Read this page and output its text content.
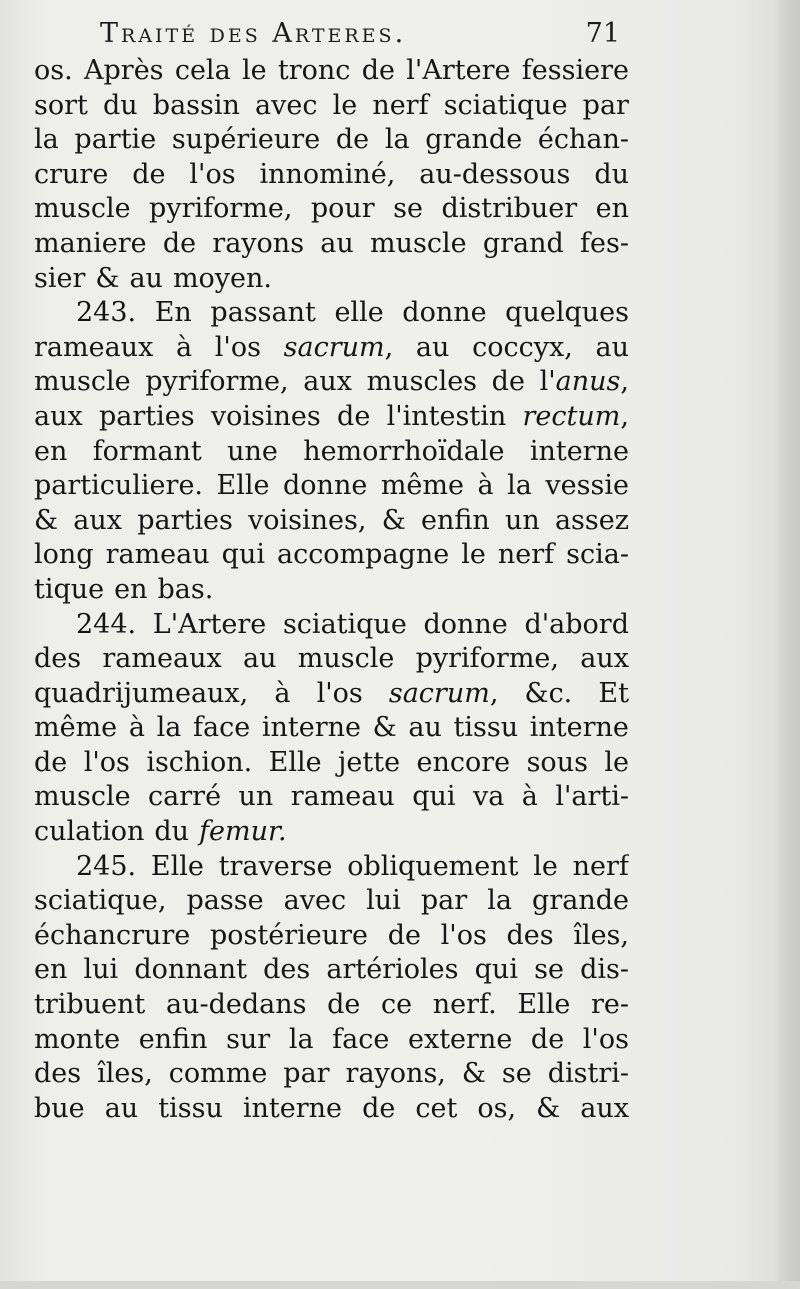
Traité des Arteres.	71
os. Après cela le tronc de l'Artere fessiere
sort du bassin avec le nerf sciatique par
la partie supérieure de la grande échan-
crure de l'os innominé, au-dessous du
muscle pyriforme, pour se distribuer en
maniere de rayons au muscle grand fes-
sier & au moyen.
243. En passant elle donne quelques
rameaux à l'os sacrum, au coccyx, au
muscle pyriforme, aux muscles de l'anus,
aux parties voisines de l'intestin rectum,
en formant une hemorrhoïdale interne
particuliere. Elle donne même à la vessie
& aux parties voisines, & enfin un assez
long rameau qui accompagne le nerf scia-
tique en bas.
244. L'Artere sciatique donne d'abord
des rameaux au muscle pyriforme, aux
quadrijumeaux, à l'os sacrum, &c. Et
même à la face interne & au tissu interne
de l'os ischion. Elle jette encore sous le
muscle carré un rameau qui va à l'arti-
culation du femur.
245. Elle traverse obliquement le nerf
sciatique, passe avec lui par la grande
échancrure postérieure de l'os des îles,
en lui donnant des artérioles qui se dis-
tribuent au-dedans de ce nerf. Elle re-
monte enfin sur la face externe de l'os
des îles, comme par rayons, & se distri-
bue au tissu interne de cet os, & aux
